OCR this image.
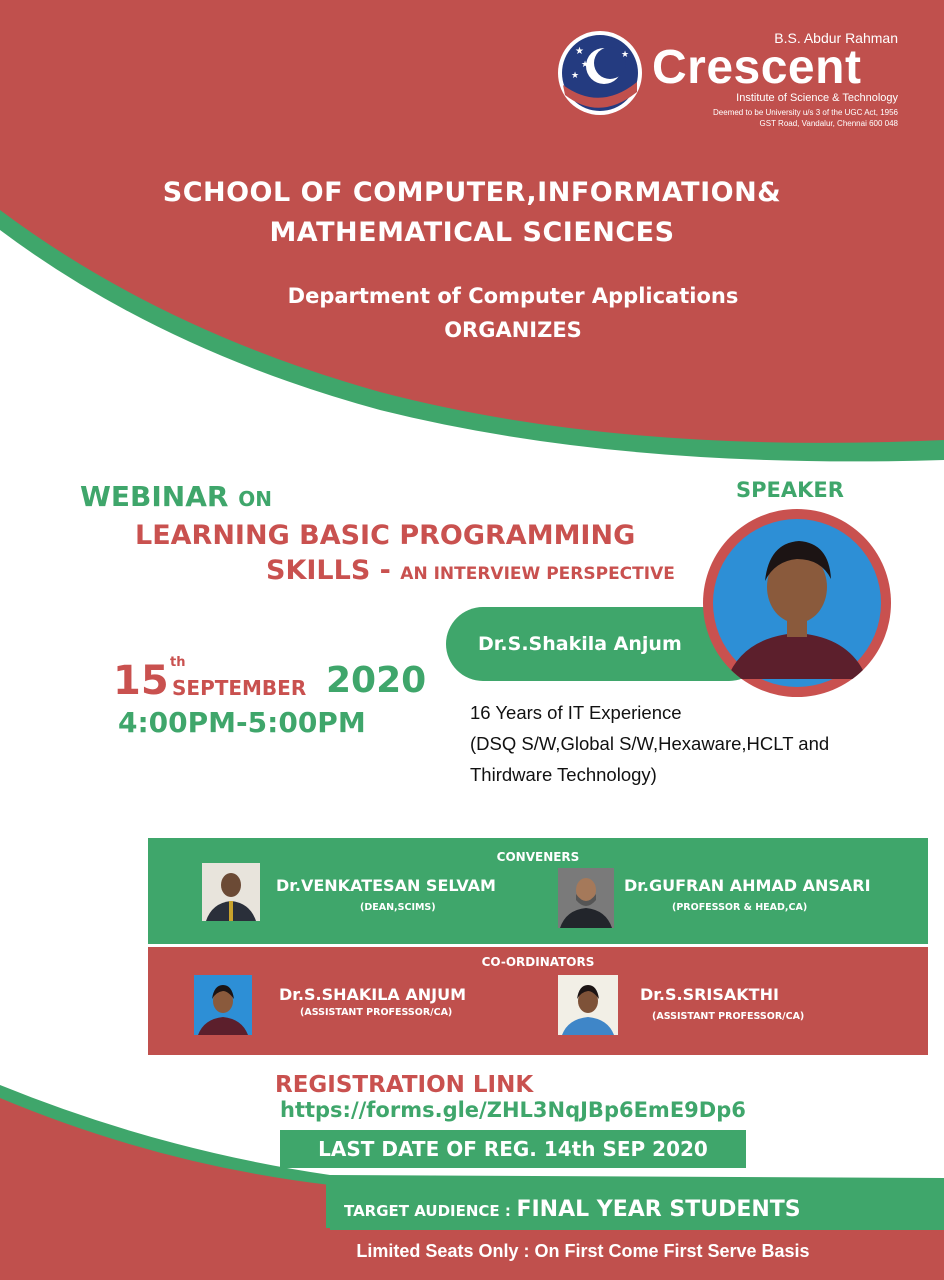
★
★
★
★
B.S. Abdur Rahman
Crescent
Institute of Science & Technology
Deemed to be University u/s 3 of the UGC Act, 1956
GST Road, Vandalur, Chennai 600 048
SCHOOL OF COMPUTER,INFORMATION&
MATHEMATICAL SCIENCES
Department of Computer Applications
ORGANIZES
WEBINAR ON
LEARNING BASIC PROGRAMMING
SKILLS - AN INTERVIEW PERSPECTIVE
15 th
SEPTEMBER 2020
4:00PM-5:00PM
SPEAKER
Dr.S.Shakila Anjum
16 Years of IT Experience
(DSQ S/W,Global S/W,Hexaware,HCLT and
Thirdware Technology)
CONVENERS
Dr.VENKATESAN SELVAM
(DEAN,SCIMS)
Dr.GUFRAN AHMAD ANSARI
(PROFESSOR & HEAD,CA)
CO-ORDINATORS
Dr.S.SHAKILA ANJUM
(ASSISTANT PROFESSOR/CA)
Dr.S.SRISAKTHI
(ASSISTANT PROFESSOR/CA)
REGISTRATION LINK
https://forms.gle/ZHL3NqJBp6EmE9Dp6
LAST DATE OF REG. 14th SEP 2020
TARGET AUDIENCE : FINAL YEAR STUDENTS
Limited Seats Only : On First Come First Serve Basis
